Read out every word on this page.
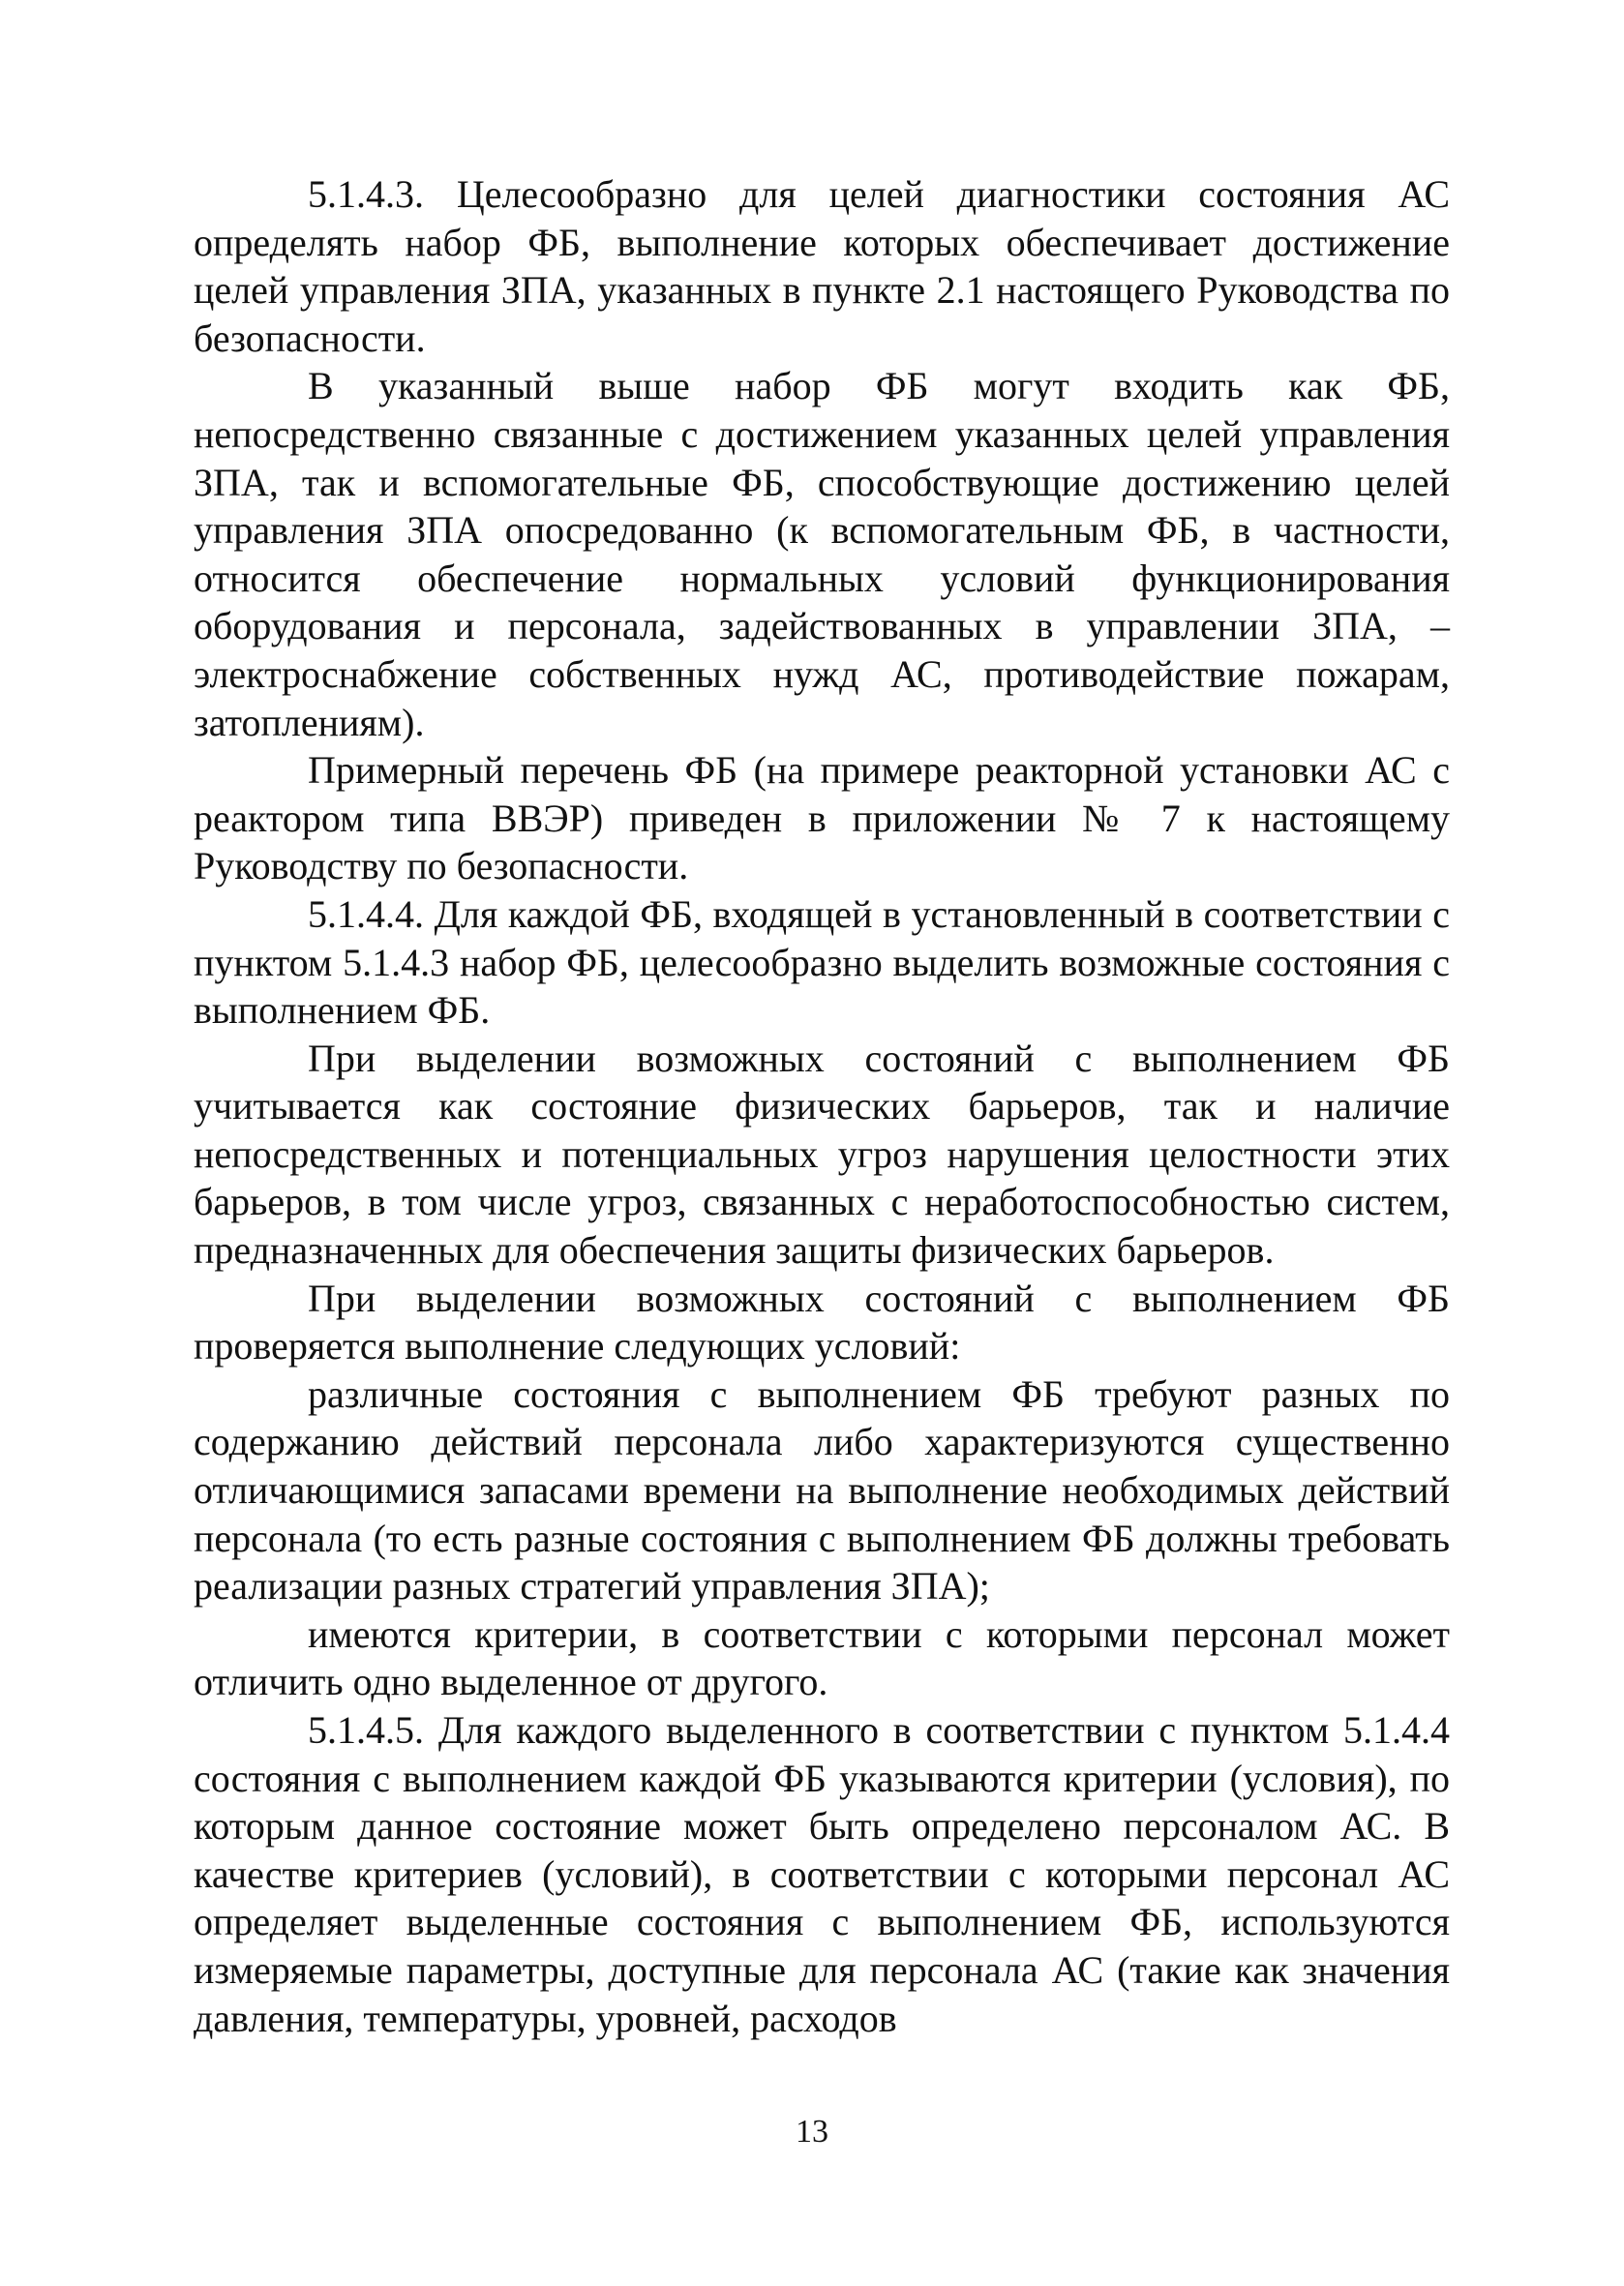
5.1.4.3. Целесообразно для целей диагностики состояния АС определять набор ФБ, выполнение которых обеспечивает достижение целей управления ЗПА, указанных в пункте 2.1 настоящего Руководства по безопасности.

В указанный выше набор ФБ могут входить как ФБ, непосредственно связанные с достижением указанных целей управления ЗПА, так и вспомогательные ФБ, способствующие достижению целей управления ЗПА опосредованно (к вспомогательным ФБ, в частности, относится обеспечение нормальных условий функционирования оборудования и персонала, задействованных в управлении ЗПА, – электроснабжение собственных нужд АС, противодействие пожарам, затоплениям).

Примерный перечень ФБ (на примере реакторной установки АС с реактором типа ВВЭР) приведен в приложении № 7 к настоящему Руководству по безопасности.

5.1.4.4. Для каждой ФБ, входящей в установленный в соответствии с пунктом 5.1.4.3 набор ФБ, целесообразно выделить возможные состояния с выполнением ФБ.

При выделении возможных состояний с выполнением ФБ учитывается как состояние физических барьеров, так и наличие непосредственных и потенциальных угроз нарушения целостности этих барьеров, в том числе угроз, связанных с неработоспособностью систем, предназначенных для обеспечения защиты физических барьеров.

При выделении возможных состояний с выполнением ФБ проверяется выполнение следующих условий:

различные состояния с выполнением ФБ требуют разных по содержанию действий персонала либо характеризуются существенно отличающимися запасами времени на выполнение необходимых действий персонала (то есть разные состояния с выполнением ФБ должны требовать реализации разных стратегий управления ЗПА);

имеются критерии, в соответствии с которыми персонал может отличить одно выделенное от другого.

5.1.4.5. Для каждого выделенного в соответствии с пунктом 5.1.4.4 состояния с выполнением каждой ФБ указываются критерии (условия), по которым данное состояние может быть определено персоналом АС. В качестве критериев (условий), в соответствии с которыми персонал АС определяет выделенные состояния с выполнением ФБ, используются измеряемые параметры, доступные для персонала АС (такие как значения давления, температуры, уровней, расходов

13
